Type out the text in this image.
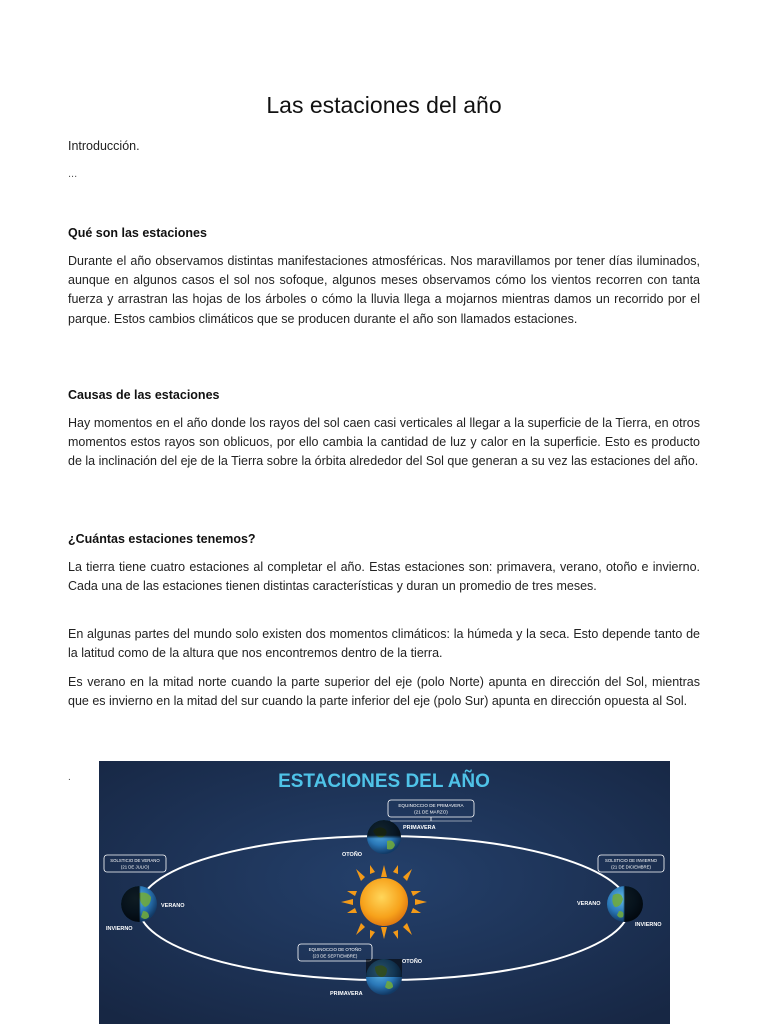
Las estaciones del año

Introducción.

...

Qué son las estaciones

Durante el año observamos distintas manifestaciones atmosféricas. Nos maravillamos por tener días iluminados, aunque en algunos casos el sol nos sofoque, algunos meses observamos cómo los vientos recorren con tanta fuerza y arrastran las hojas de los árboles o cómo la lluvia llega a mojarnos mientras damos un recorrido por el parque. Estos cambios climáticos que se producen durante el año son llamados estaciones.

Causas de las estaciones

Hay momentos en el año donde los rayos del sol caen casi verticales al llegar a la superficie de la Tierra, en otros momentos estos rayos son oblicuos, por ello cambia la cantidad de luz y calor en la superficie. Esto es producto de la inclinación del eje de la Tierra sobre la órbita alrededor del Sol que generan a su vez las estaciones del año.

¿Cuántas estaciones tenemos?

La tierra tiene cuatro estaciones al completar el año. Estas estaciones son: primavera, verano, otoño e invierno. Cada una de las estaciones tienen distintas características y duran un promedio de tres meses.

En algunas partes del mundo solo existen dos momentos climáticos: la húmeda y la seca. Esto depende tanto de la latitud como de la altura que nos encontremos dentro de la tierra.

Es verano en la mitad norte cuando la parte superior del eje (polo Norte) apunta en dirección del Sol, mientras que es invierno en la mitad del sur cuando la parte inferior del eje (polo Sur) apunta en dirección opuesta al Sol.

.	ESTACIONES DEL AÑO
EQUINOCCIO DE PRIMAVERA
(21 DE MARZO)
SOLSTICIO DE VERANO
(21 DE JULIO)
SOLSTICIO DE INVIERNO
(21 DE DICIEMBRE)
EQUINOCCIO DE OTOÑO
(23 DE SEPTIEMBRE)
PRIMAVERA
OTOÑO
VERANO
INVIERNO
VERANO
INVIERNO
OTOÑO
PRIMAVERA
